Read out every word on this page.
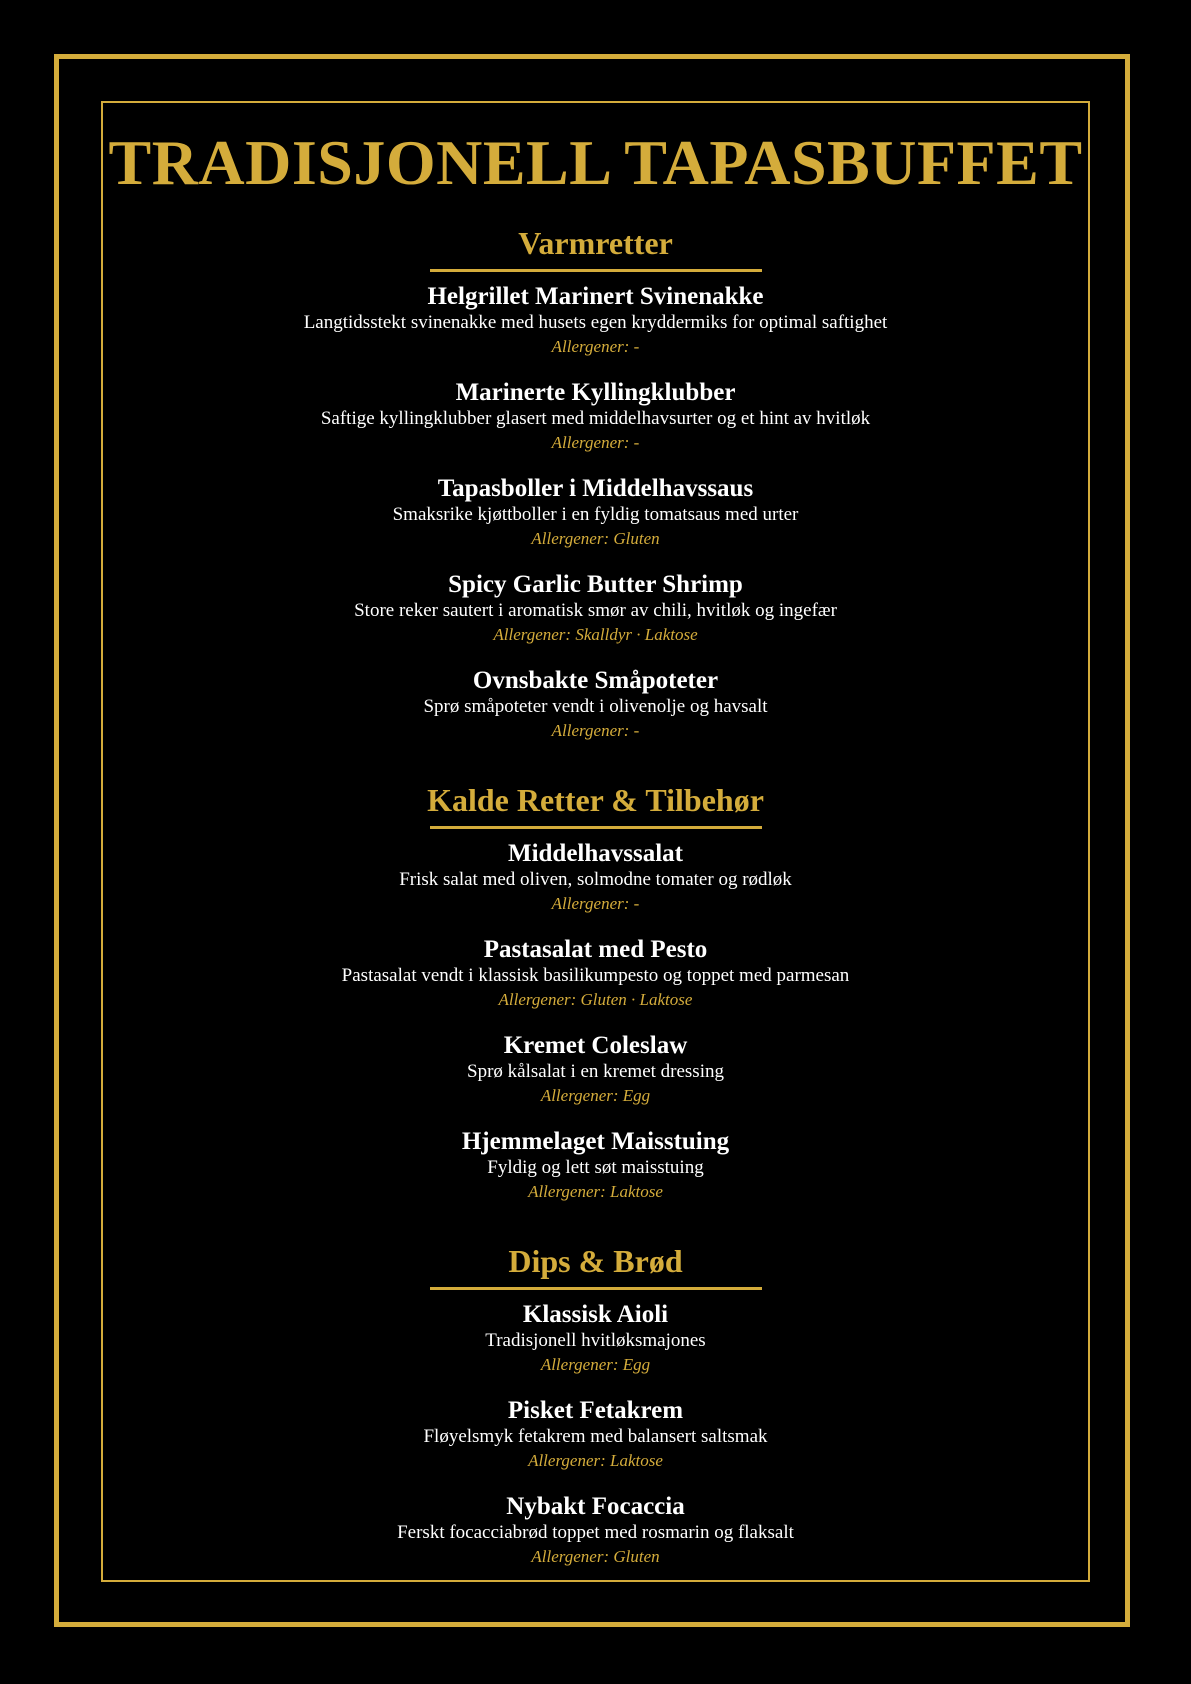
TRADISJONELL TAPASBUFFET
Varmretter
Helgrillet Marinert Svinenakke
Langtidsstekt svinenakke med husets egen kryddermiks for optimal saftighet
Allergener: -
Marinerte Kyllingklubber
Saftige kyllingklubber glasert med middelhavsurter og et hint av hvitløk
Allergener: -
Tapasboller i Middelhavssaus
Smaksrike kjøttboller i en fyldig tomatsaus med urter
Allergener: Gluten
Spicy Garlic Butter Shrimp
Store reker sautert i aromatisk smør av chili, hvitløk og ingefær
Allergener: Skalldyr · Laktose
Ovnsbakte Småpoteter
Sprø småpoteter vendt i olivenolje og havsalt
Allergener: -
Kalde Retter & Tilbehør
Middelhavssalat
Frisk salat med oliven, solmodne tomater og rødløk
Allergener: -
Pastasalat med Pesto
Pastasalat vendt i klassisk basilikumpesto og toppet med parmesan
Allergener: Gluten · Laktose
Kremet Coleslaw
Sprø kålsalat i en kremet dressing
Allergener: Egg
Hjemmelaget Maisstuing
Fyldig og lett søt maisstuing
Allergener: Laktose
Dips & Brød
Klassisk Aioli
Tradisjonell hvitløksmajones
Allergener: Egg
Pisket Fetakrem
Fløyelsmyk fetakrem med balansert saltsmak
Allergener: Laktose
Nybakt Focaccia
Ferskt focacciabrød toppet med rosmarin og flaksalt
Allergener: Gluten
